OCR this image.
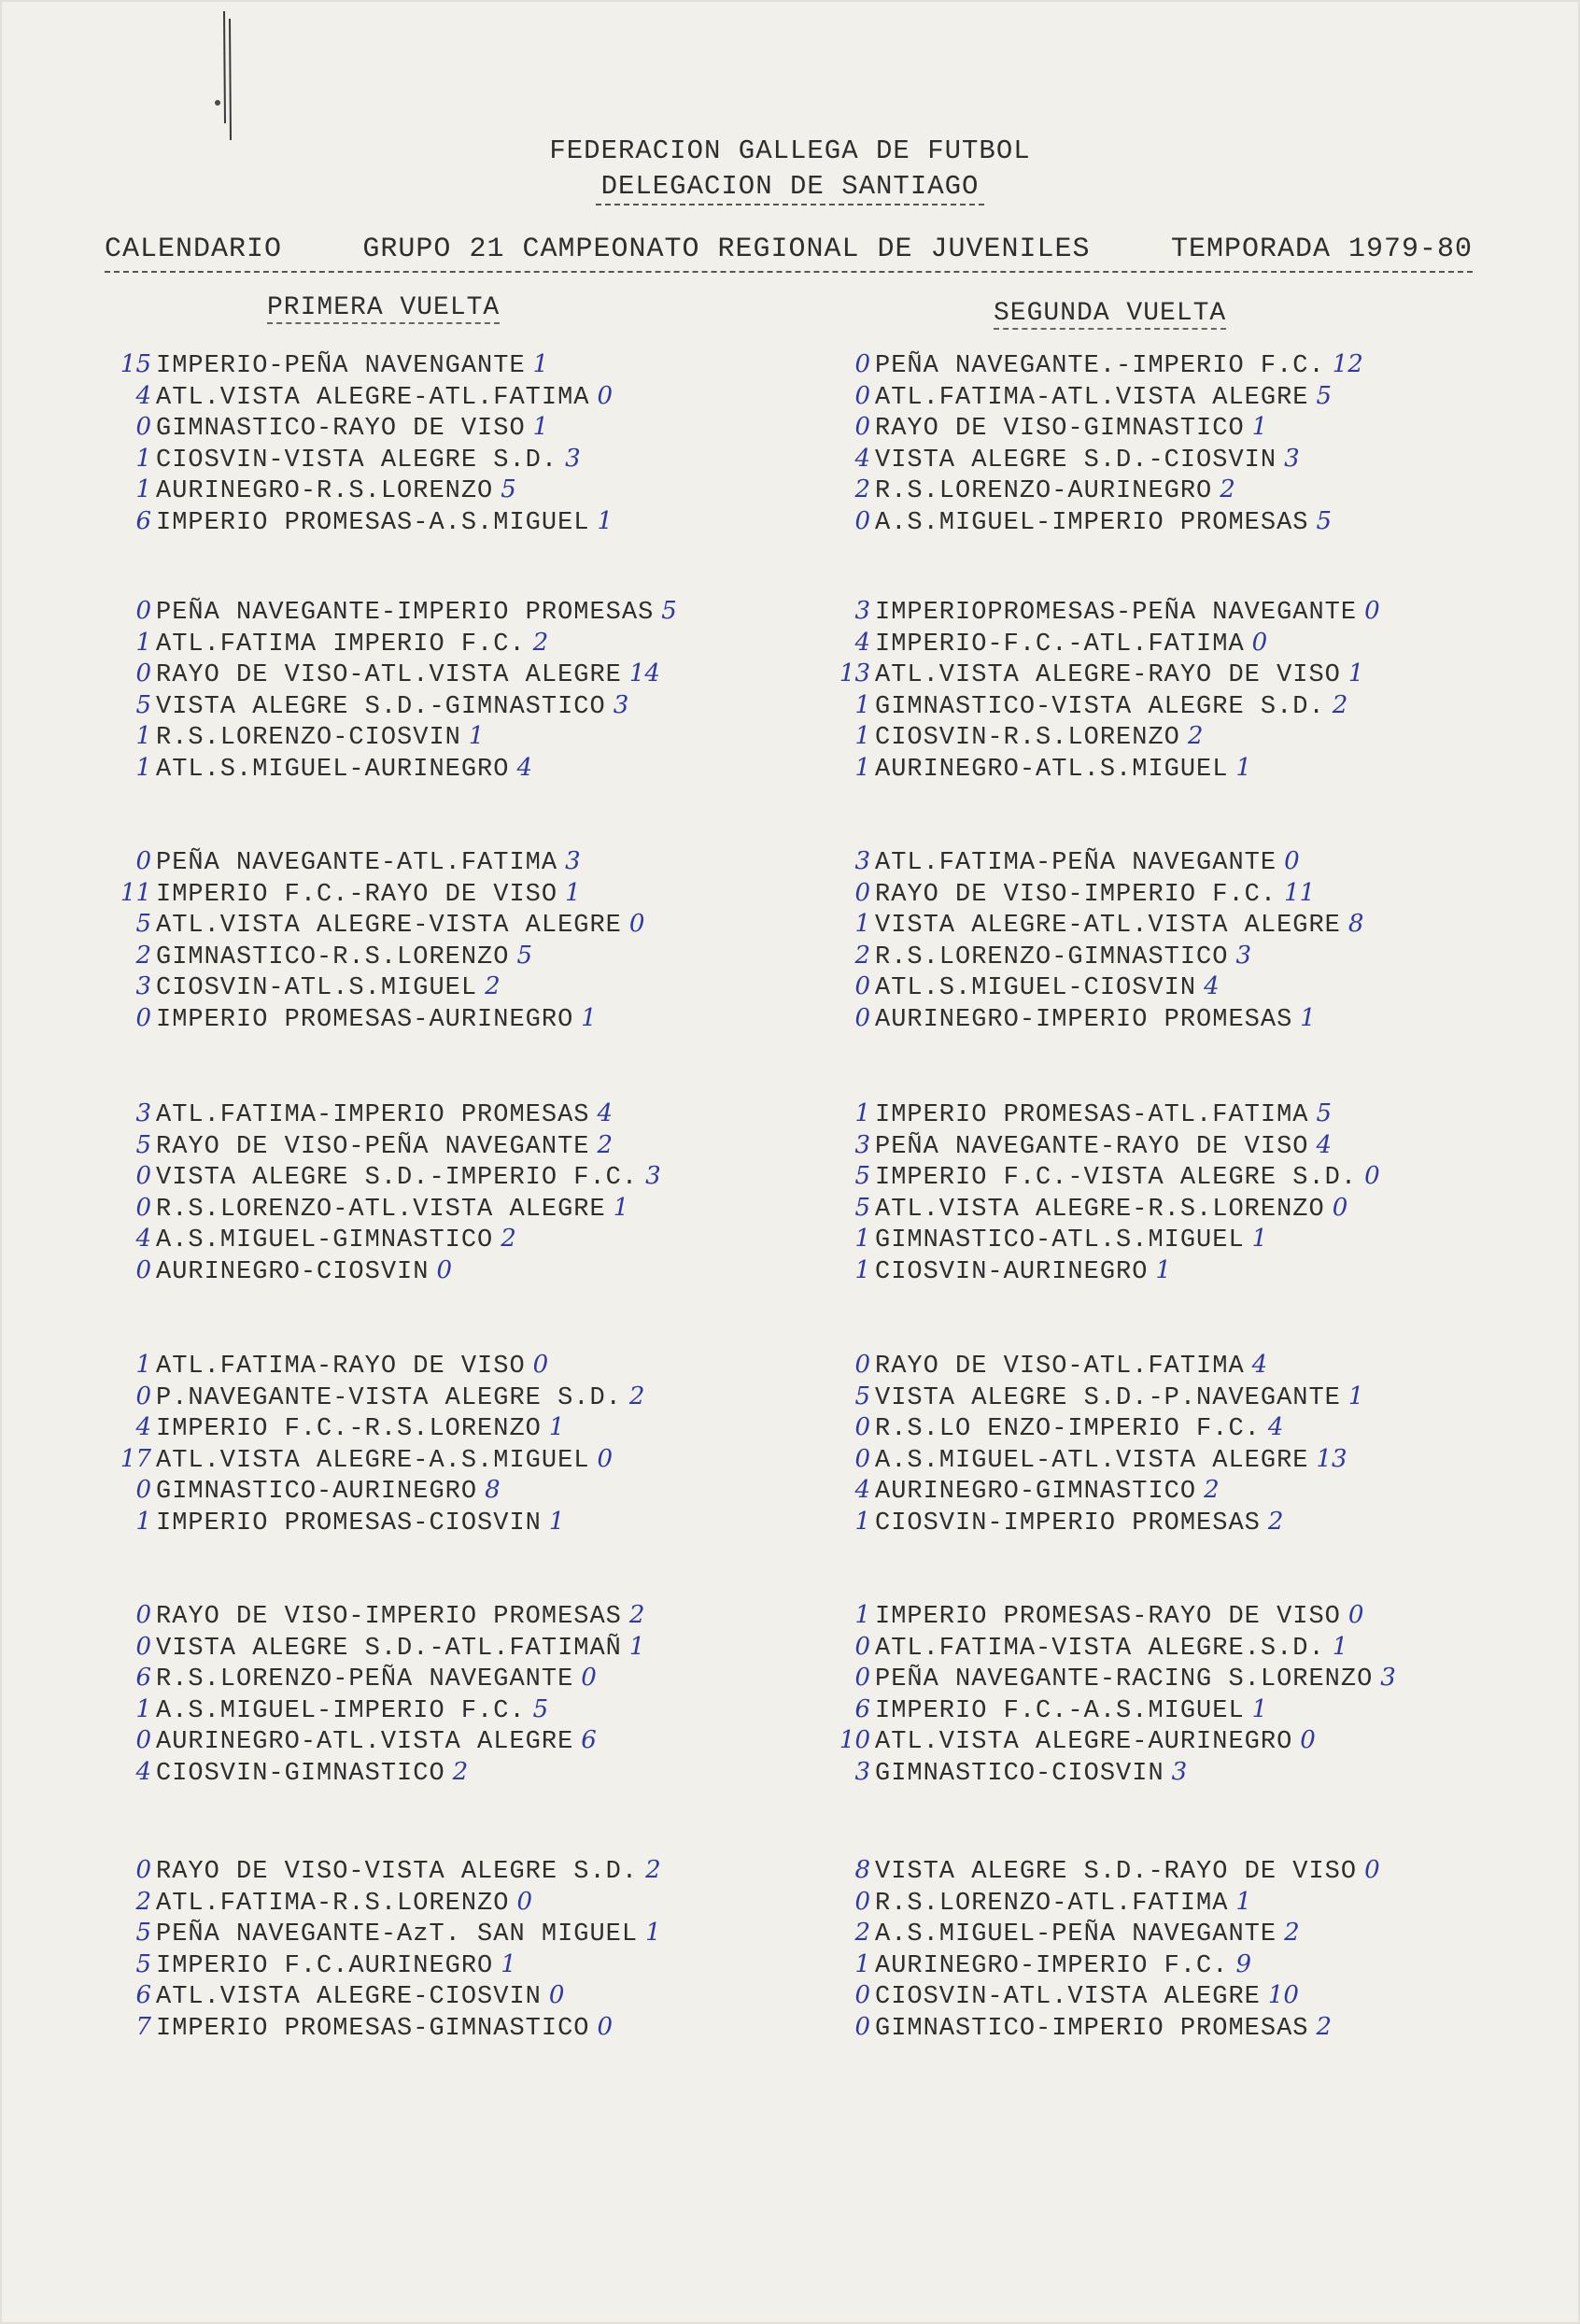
FEDERACION GALLEGA DE FUTBOL
DELEGACION DE SANTIAGO
CALENDARIO	GRUPO 21 CAMPEONATO REGIONAL DE JUVENILES	TEMPORADA 1979-80
PRIMERA VUELTA	SEGUNDA VUELTA
15 IMPERIO-PEÑA NAVENGANTE 1
4 ATL.VISTA ALEGRE-ATL.FATIMA 0
0 GIMNASTICO-RAYO DE VISO 1
1 CIOSVIN-VISTA ALEGRE S.D. 3
1 AURINEGRO-R.S.LORENZO 5
6 IMPERIO PROMESAS-A.S.MIGUEL 1
0 PEÑA NAVEGANTE.-IMPERIO F.C. 12
0 ATL.FATIMA-ATL.VISTA ALEGRE 5
0 RAYO DE VISO-GIMNASTICO 1
4 VISTA ALEGRE S.D.-CIOSVIN 3
2 R.S.LORENZO-AURINEGRO 2
0 A.S.MIGUEL-IMPERIO PROMESAS 5
0 PEÑA NAVEGANTE-IMPERIO PROMESAS 5
1 ATL.FATIMA IMPERIO F.C. 2
0 RAYO DE VISO-ATL.VISTA ALEGRE 14
5 VISTA ALEGRE S.D.-GIMNASTICO 3
1 R.S.LORENZO-CIOSVIN 1
1 ATL.S.MIGUEL-AURINEGRO 4
3 IMPERIOPROMESAS-PEÑA NAVEGANTE 0
4 IMPERIO-F.C.-ATL.FATIMA 0
13 ATL.VISTA ALEGRE-RAYO DE VISO 1
1 GIMNASTICO-VISTA ALEGRE S.D. 2
1 CIOSVIN-R.S.LORENZO 2
1 AURINEGRO-ATL.S.MIGUEL 1
0 PEÑA NAVEGANTE-ATL.FATIMA 3
11 IMPERIO F.C.-RAYO DE VISO 1
5 ATL.VISTA ALEGRE-VISTA ALEGRE 0
2 GIMNASTICO-R.S.LORENZO 5
3 CIOSVIN-ATL.S.MIGUEL 2
0 IMPERIO PROMESAS-AURINEGRO 1
3 ATL.FATIMA-PEÑA NAVEGANTE 0
0 RAYO DE VISO-IMPERIO F.C. 11
1 VISTA ALEGRE-ATL.VISTA ALEGRE 8
2 R.S.LORENZO-GIMNASTICO 3
0 ATL.S.MIGUEL-CIOSVIN 4
0 AURINEGRO-IMPERIO PROMESAS 1
3 ATL.FATIMA-IMPERIO PROMESAS 4
5 RAYO DE VISO-PEÑA NAVEGANTE 2
0 VISTA ALEGRE S.D.-IMPERIO F.C. 3
0 R.S.LORENZO-ATL.VISTA ALEGRE 1
4 A.S.MIGUEL-GIMNASTICO 2
0 AURINEGRO-CIOSVIN 0
1 IMPERIO PROMESAS-ATL.FATIMA 5
3 PEÑA NAVEGANTE-RAYO DE VISO 4
5 IMPERIO F.C.-VISTA ALEGRE S.D. 0
5 ATL.VISTA ALEGRE-R.S.LORENZO 0
1 GIMNASTICO-ATL.S.MIGUEL 1
1 CIOSVIN-AURINEGRO 1
1 ATL.FATIMA-RAYO DE VISO 0
0 P.NAVEGANTE-VISTA ALEGRE S.D. 2
4 IMPERIO F.C.-R.S.LORENZO 1
17 ATL.VISTA ALEGRE-A.S.MIGUEL 0
0 GIMNASTICO-AURINEGRO 8
1 IMPERIO PROMESAS-CIOSVIN 1
0 RAYO DE VISO-ATL.FATIMA 4
5 VISTA ALEGRE S.D.-P.NAVEGANTE 1
0 R.S.LO ENZO-IMPERIO F.C. 4
0 A.S.MIGUEL-ATL.VISTA ALEGRE 13
4 AURINEGRO-GIMNASTICO 2
1 CIOSVIN-IMPERIO PROMESAS 2
0 RAYO DE VISO-IMPERIO PROMESAS 2
0 VISTA ALEGRE S.D.-ATL.FATIMAÑ 1
6 R.S.LORENZO-PEÑA NAVEGANTE 0
1 A.S.MIGUEL-IMPERIO F.C. 5
0 AURINEGRO-ATL.VISTA ALEGRE 6
4 CIOSVIN-GIMNASTICO 2
1 IMPERIO PROMESAS-RAYO DE VISO 0
0 ATL.FATIMA-VISTA ALEGRE.S.D. 1
0 PEÑA NAVEGANTE-RACING S.LORENZO 3
6 IMPERIO F.C.-A.S.MIGUEL 1
10 ATL.VISTA ALEGRE-AURINEGRO 0
3 GIMNASTICO-CIOSVIN 3
0 RAYO DE VISO-VISTA ALEGRE S.D. 2
2 ATL.FATIMA-R.S.LORENZO 0
5 PEÑA NAVEGANTE-AzT. SAN MIGUEL 1
5 IMPERIO F.C.AURINEGRO 1
6 ATL.VISTA ALEGRE-CIOSVIN 0
7 IMPERIO PROMESAS-GIMNASTICO 0
8 VISTA ALEGRE S.D.-RAYO DE VISO 0
0 R.S.LORENZO-ATL.FATIMA 1
2 A.S.MIGUEL-PEÑA NAVEGANTE 2
1 AURINEGRO-IMPERIO F.C. 9
0 CIOSVIN-ATL.VISTA ALEGRE 10
0 GIMNASTICO-IMPERIO PROMESAS 2
